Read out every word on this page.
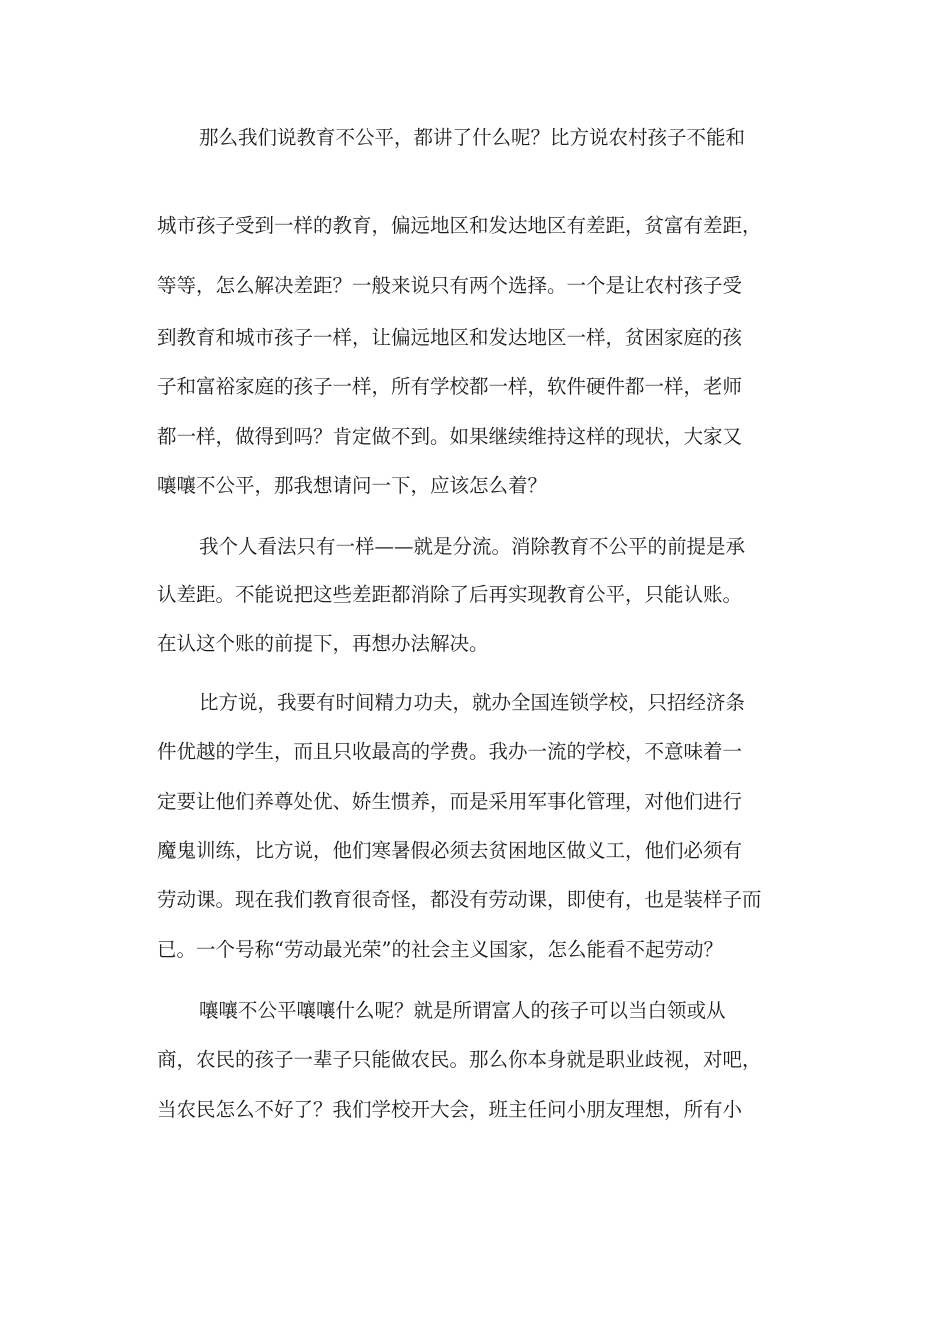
那么我们说教育不公平，都讲了什么呢？比方说农村孩子不能和
城市孩子受到一样的教育，偏远地区和发达地区有差距，贫富有差距，
等等，怎么解决差距？一般来说只有两个选择。一个是让农村孩子受
到教育和城市孩子一样，让偏远地区和发达地区一样，贫困家庭的孩
子和富裕家庭的孩子一样，所有学校都一样，软件硬件都一样，老师
都一样，做得到吗？肯定做不到。如果继续维持这样的现状，大家又
嚷嚷不公平，那我想请问一下，应该怎么着？
我个人看法只有一样——就是分流。消除教育不公平的前提是承
认差距。不能说把这些差距都消除了后再实现教育公平，只能认账。
在认这个账的前提下，再想办法解决。
比方说，我要有时间精力功夫，就办全国连锁学校，只招经济条
件优越的学生，而且只收最高的学费。我办一流的学校，不意味着一
定要让他们养尊处优、娇生惯养，而是采用军事化管理，对他们进行
魔鬼训练，比方说，他们寒暑假必须去贫困地区做义工，他们必须有
劳动课。现在我们教育很奇怪，都没有劳动课，即使有，也是装样子而
已。一个号称“劳动最光荣”的社会主义国家，怎么能看不起劳动？
嚷嚷不公平嚷嚷什么呢？就是所谓富人的孩子可以当白领或从
商，农民的孩子一辈子只能做农民。那么你本身就是职业歧视，对吧，
当农民怎么不好了？我们学校开大会，班主任问小朋友理想，所有小
